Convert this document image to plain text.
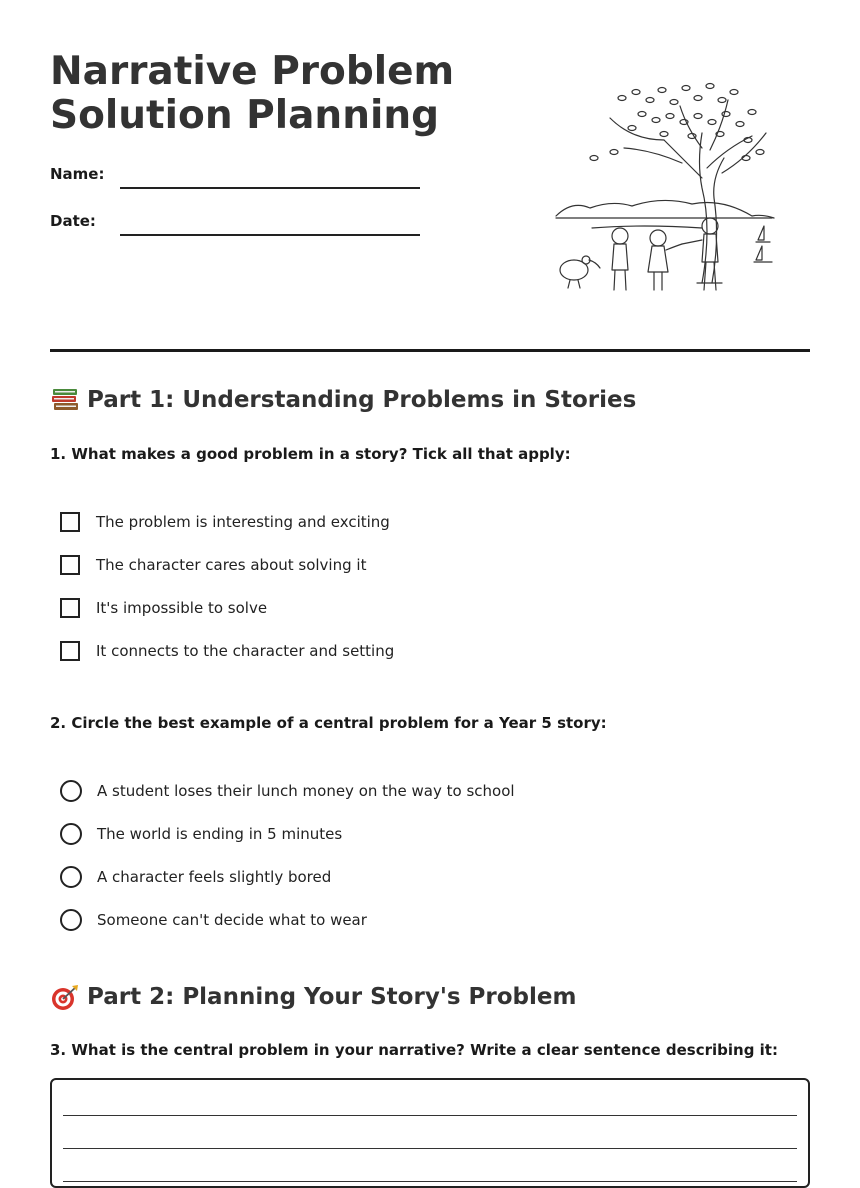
Narrative Problem
Solution Planning
Name:
Date:
Part 1: Understanding Problems in Stories

1. What makes a good problem in a story? Tick all that apply:

The problem is interesting and exciting
The character cares about solving it
It's impossible to solve
It connects to the character and setting

2. Circle the best example of a central problem for a Year 5 story:

A student loses their lunch money on the way to school
The world is ending in 5 minutes
A character feels slightly bored
Someone can't decide what to wear
Part 2: Planning Your Story's Problem

3. What is the central problem in your narrative? Write a clear sentence describing it:
